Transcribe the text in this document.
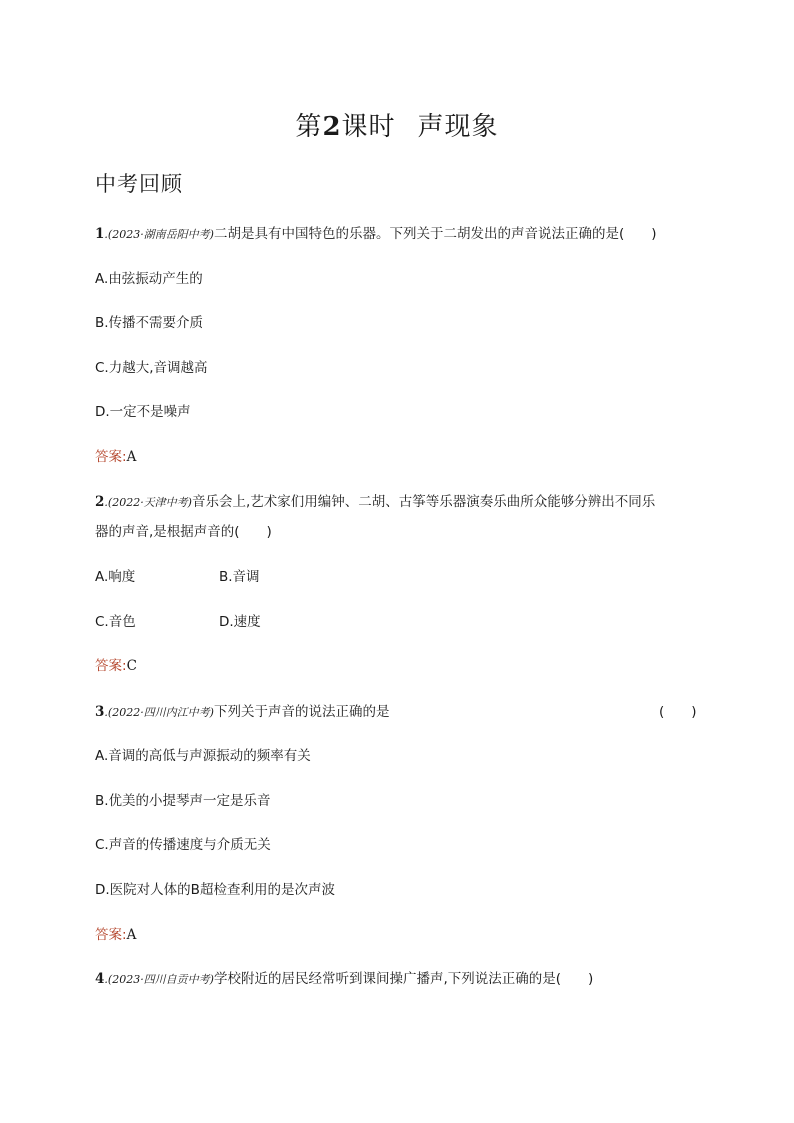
第2课时 声现象
中考回顾
1.(2023·湖南岳阳中考)二胡是具有中国特色的乐器。下列关于二胡发出的声音说法正确的是(　　)
A.由弦振动产生的
B.传播不需要介质
C.力越大,音调越高
D.一定不是噪声
答案:A
2.(2022·天津中考)音乐会上,艺术家们用编钟、二胡、古筝等乐器演奏乐曲所众能够分辨出不同乐
器的声音,是根据声音的(　　)
A.响度	B.音调
C.音色	D.速度
答案:C
3.(2022·四川内江中考)下列关于声音的说法正确的是	(　　)
A.音调的高低与声源振动的频率有关
B.优美的小提琴声一定是乐音
C.声音的传播速度与介质无关
D.医院对人体的B超检查利用的是次声波
答案:A
4.(2023·四川自贡中考)学校附近的居民经常听到课间操广播声,下列说法正确的是(　　)
